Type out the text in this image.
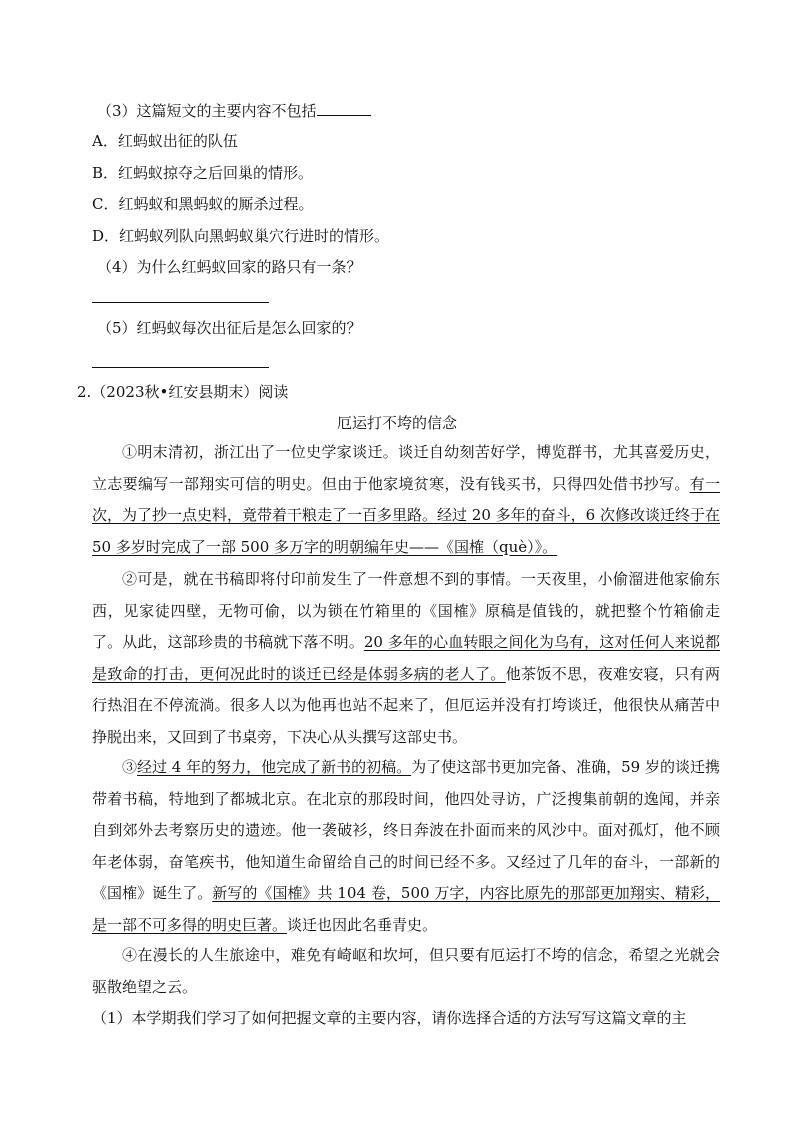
（3）这篇短文的主要内容不包括
A．红蚂蚁出征的队伍
B．红蚂蚁掠夺之后回巢的情形。
C．红蚂蚁和黑蚂蚁的厮杀过程。
D．红蚂蚁列队向黑蚂蚁巢穴行进时的情形。
（4）为什么红蚂蚁回家的路只有一条？
（5）红蚂蚁每次出征后是怎么回家的？
2.（2023秋•红安县期末）阅读
厄运打不垮的信念
①明末清初，浙江出了一位史学家谈迁。谈迁自幼刻苦好学，博览群书，尤其喜爱历史，立志要编写一部翔实可信的明史。但由于他家境贫寒，没有钱买书，只得四处借书抄写。有一次，为了抄一点史料，竟带着干粮走了一百多里路。经过 20 多年的奋斗，6 次修改谈迁终于在 50 多岁时完成了一部 500 多万字的明朝编年史——《国榷（què）》。
②可是，就在书稿即将付印前发生了一件意想不到的事情。一天夜里，小偷溜进他家偷东西，见家徒四壁，无物可偷，以为锁在竹箱里的《国榷》原稿是值钱的，就把整个竹箱偷走了。从此，这部珍贵的书稿就下落不明。20 多年的心血转眼之间化为乌有，这对任何人来说都是致命的打击，更何况此时的谈迁已经是体弱多病的老人了。他茶饭不思，夜难安寝，只有两行热泪在不停流淌。很多人以为他再也站不起来了，但厄运并没有打垮谈迁，他很快从痛苦中挣脱出来，又回到了书桌旁，下决心从头撰写这部史书。
③经过 4 年的努力，他完成了新书的初稿。为了使这部书更加完备、准确，59 岁的谈迁携带着书稿，特地到了都城北京。在北京的那段时间，他四处寻访，广泛搜集前朝的逸闻，并亲自到郊外去考察历史的遗迹。他一袭破衫，终日奔波在扑面而来的风沙中。面对孤灯，他不顾年老体弱，奋笔疾书，他知道生命留给自己的时间已经不多。又经过了几年的奋斗，一部新的《国榷》诞生了。新写的《国榷》共 104 卷，500 万字，内容比原先的那部更加翔实、精彩，是一部不可多得的明史巨著。谈迁也因此名垂青史。
④在漫长的人生旅途中，难免有崎岖和坎坷，但只要有厄运打不垮的信念，希望之光就会驱散绝望之云。
（1）本学期我们学习了如何把握文章的主要内容，请你选择合适的方法写写这篇文章的主
